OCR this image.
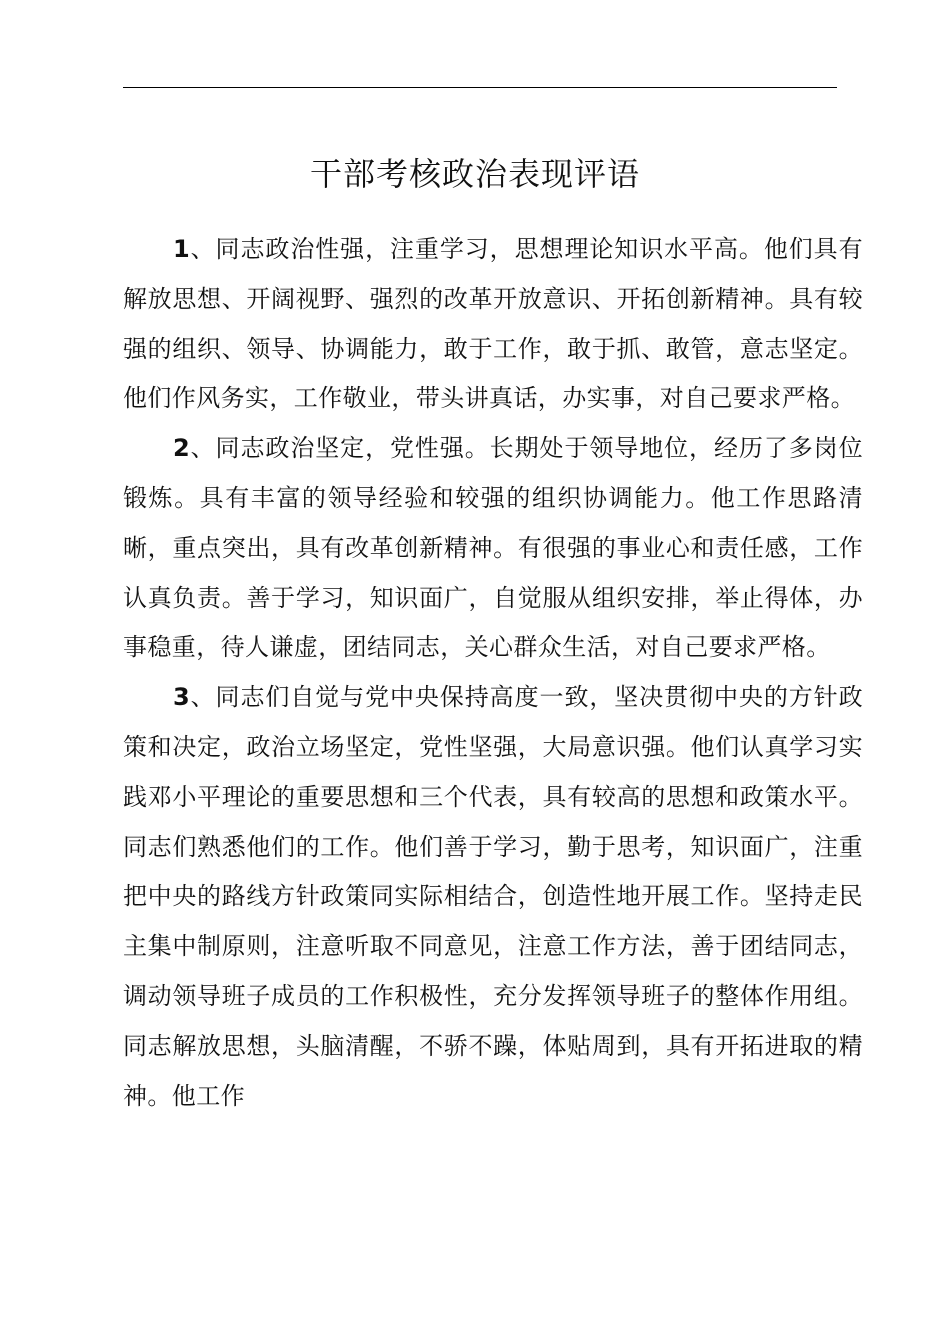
干部考核政治表现评语

1、同志政治性强，注重学习，思想理论知识水平高。他们具有解放思想、开阔视野、强烈的改革开放意识、开拓创新精神。具有较强的组织、领导、协调能力，敢于工作，敢于抓、敢管，意志坚定。他们作风务实，工作敬业，带头讲真话，办实事，对自己要求严格。

2、同志政治坚定，党性强。长期处于领导地位，经历了多岗位锻炼。具有丰富的领导经验和较强的组织协调能力。他工作思路清晰，重点突出，具有改革创新精神。有很强的事业心和责任感，工作认真负责。善于学习，知识面广，自觉服从组织安排，举止得体，办事稳重，待人谦虚，团结同志，关心群众生活，对自己要求严格。

3、同志们自觉与党中央保持高度一致，坚决贯彻中央的方针政策和决定，政治立场坚定，党性坚强，大局意识强。他们认真学习实践邓小平理论的重要思想和三个代表，具有较高的思想和政策水平。同志们熟悉他们的工作。他们善于学习，勤于思考，知识面广，注重把中央的路线方针政策同实际相结合，创造性地开展工作。坚持走民主集中制原则，注意听取不同意见，注意工作方法，善于团结同志，调动领导班子成员的工作积极性，充分发挥领导班子的整体作用组。同志解放思想，头脑清醒，不骄不躁，体贴周到，具有开拓进取的精神。他工作
